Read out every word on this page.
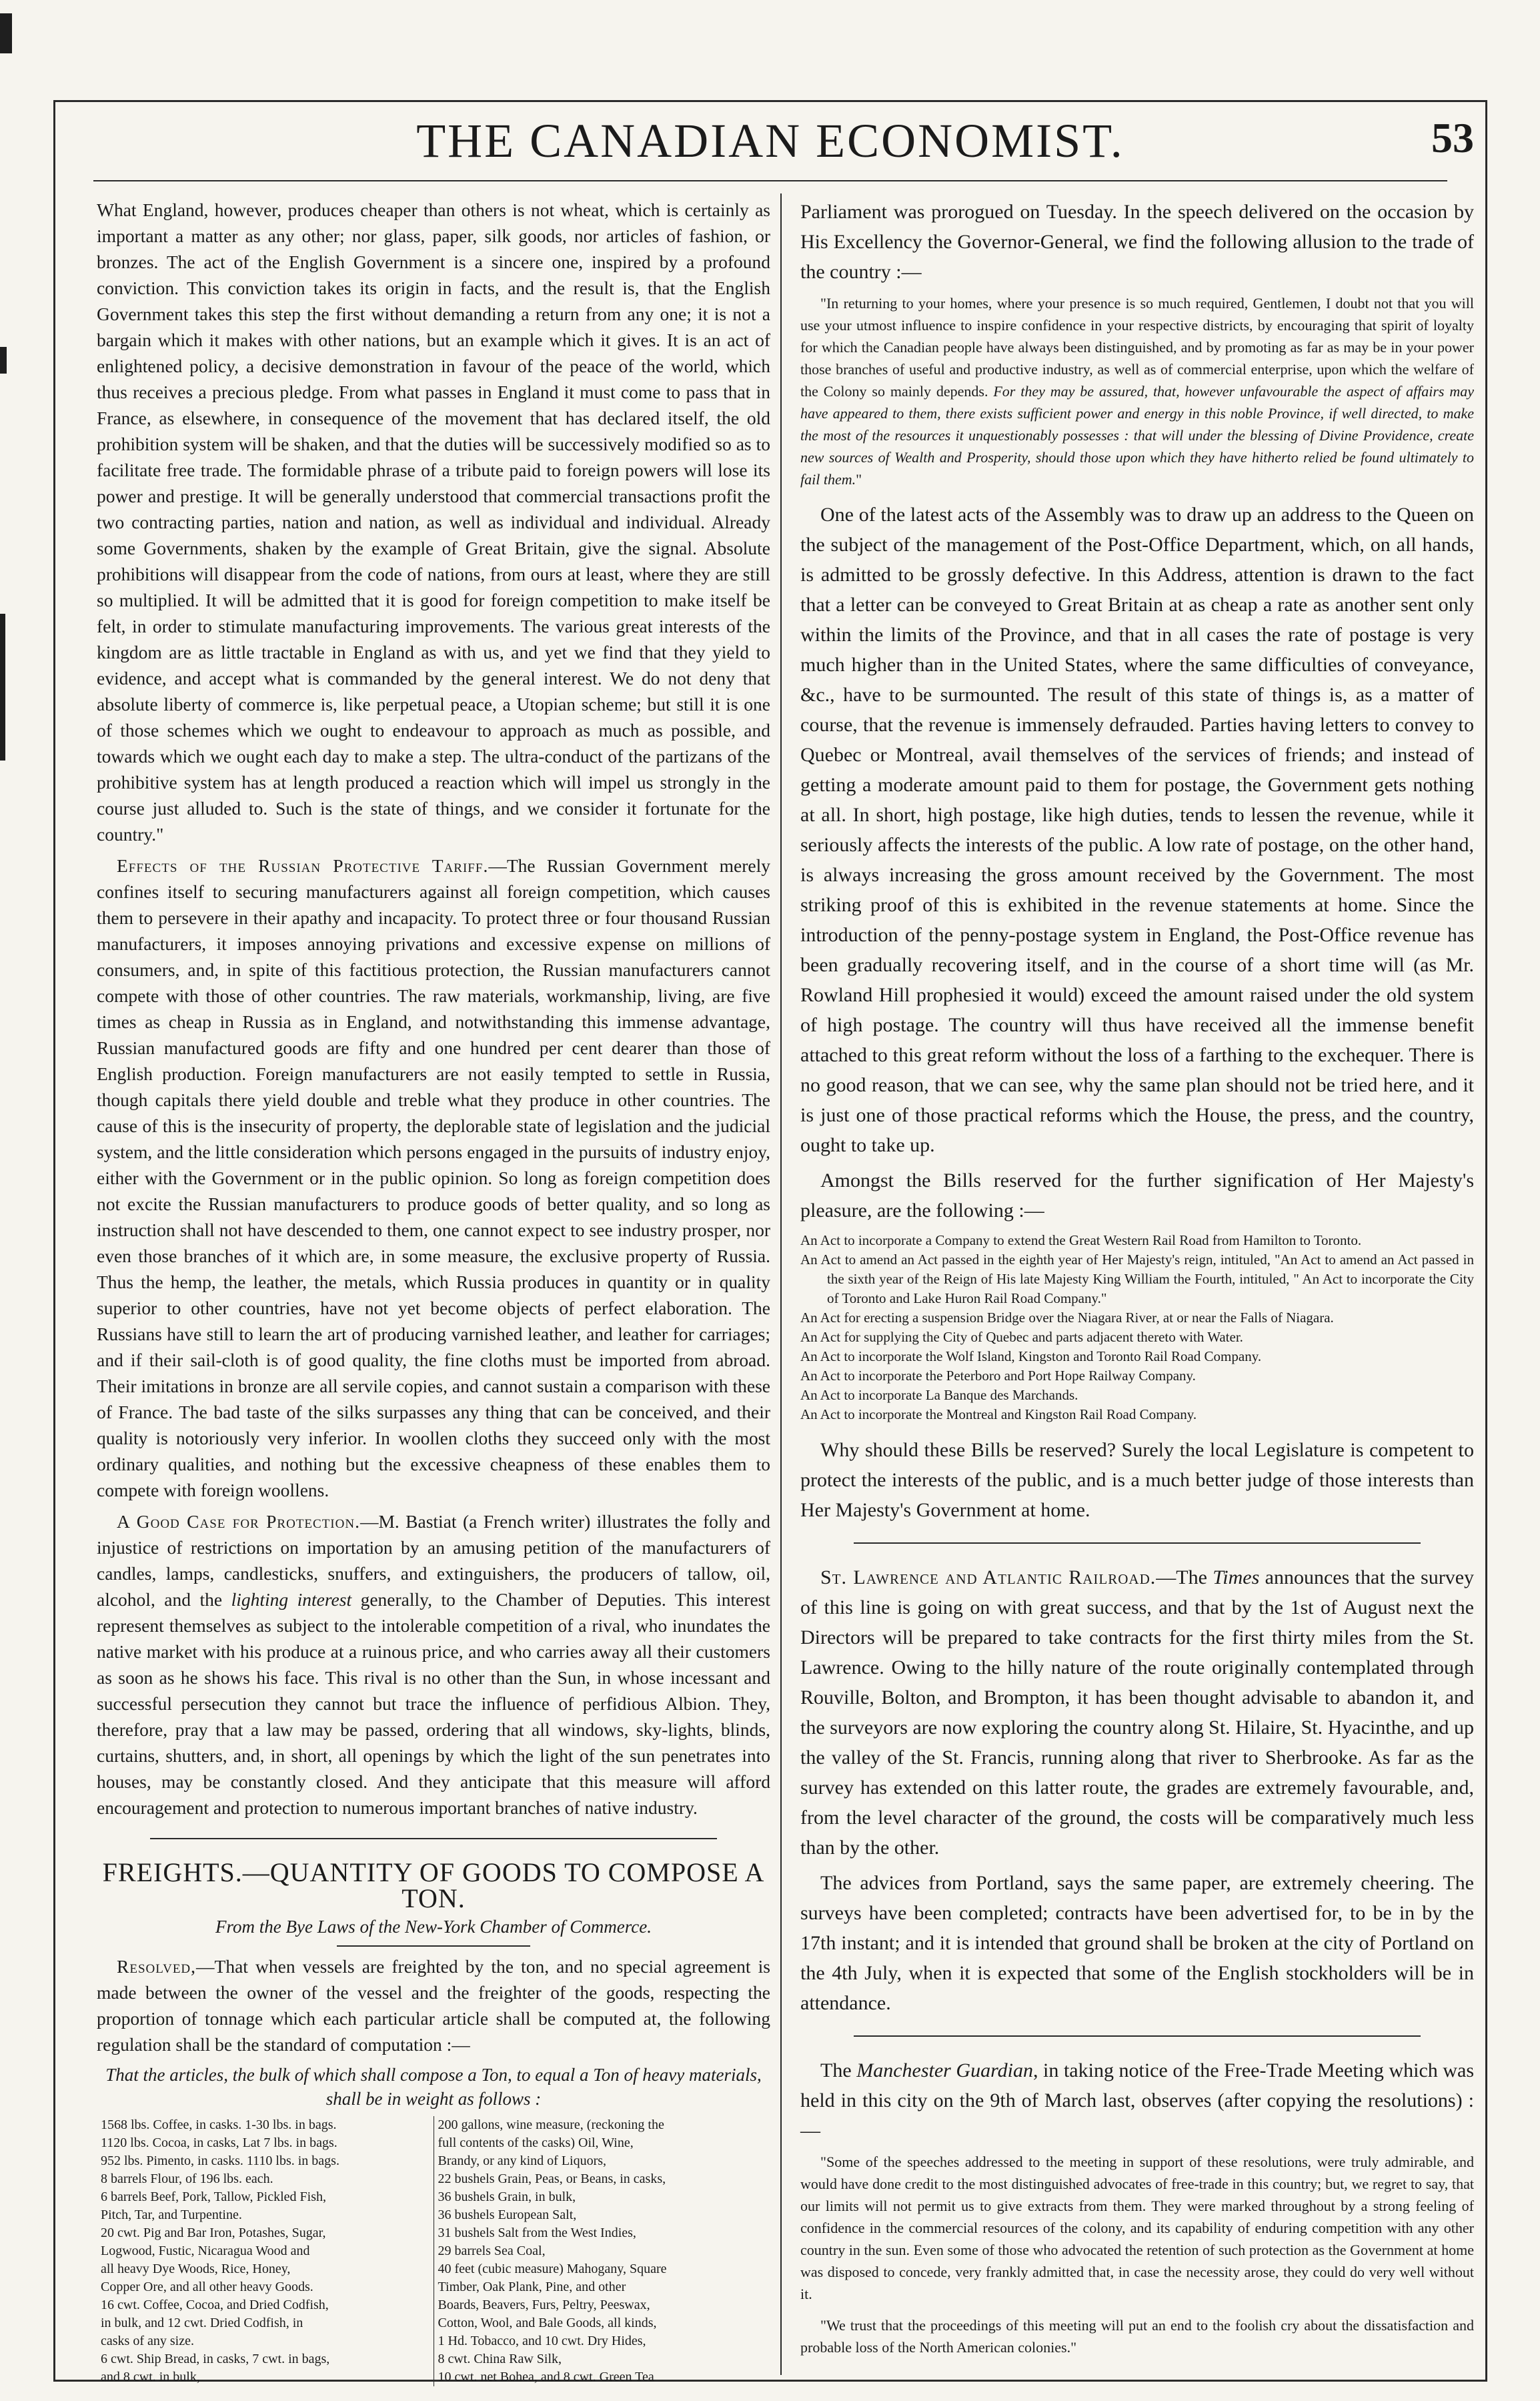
THE CANADIAN ECONOMIST.	53

What England, however, produces cheaper than others is not wheat, which is certainly as important a matter as any other; nor glass, paper, silk goods, nor articles of fashion, or bronzes. The act of the English Government is a sincere one, inspired by a profound conviction. This conviction takes its origin in facts, and the result is, that the English Government takes this step the first without demanding a return from any one; it is not a bargain which it makes with other nations, but an example which it gives. It is an act of enlightened policy, a decisive demonstration in favour of the peace of the world, which thus receives a precious pledge. From what passes in England it must come to pass that in France, as elsewhere, in consequence of the movement that has declared itself, the old prohibition system will be shaken, and that the duties will be successively modified so as to facilitate free trade. The formidable phrase of a tribute paid to foreign powers will lose its power and prestige. It will be generally understood that commercial transactions profit the two contracting parties, nation and nation, as well as individual and individual. Already some Governments, shaken by the example of Great Britain, give the signal. Absolute prohibitions will disappear from the code of nations, from ours at least, where they are still so multiplied. It will be admitted that it is good for foreign competition to make itself be felt, in order to stimulate manufacturing improvements. The various great interests of the kingdom are as little tractable in England as with us, and yet we find that they yield to evidence, and accept what is commanded by the general interest. We do not deny that absolute liberty of commerce is, like perpetual peace, a Utopian scheme; but still it is one of those schemes which we ought to endeavour to approach as much as possible, and towards which we ought each day to make a step. The ultra-conduct of the partizans of the prohibitive system has at length produced a reaction which will impel us strongly in the course just alluded to. Such is the state of things, and we consider it fortunate for the country."

Effects of the Russian Protective Tariff.—The Russian Government merely confines itself to securing manufacturers against all foreign competition, which causes them to persevere in their apathy and incapacity. To protect three or four thousand Russian manufacturers, it imposes annoying privations and excessive expense on millions of consumers, and, in spite of this factitious protection, the Russian manufacturers cannot compete with those of other countries. The raw materials, workmanship, living, are five times as cheap in Russia as in England, and notwithstanding this immense advantage, Russian manufactured goods are fifty and one hundred per cent dearer than those of English production. Foreign manufacturers are not easily tempted to settle in Russia, though capitals there yield double and treble what they produce in other countries. The cause of this is the insecurity of property, the deplorable state of legislation and the judicial system, and the little consideration which persons engaged in the pursuits of industry enjoy, either with the Government or in the public opinion. So long as foreign competition does not excite the Russian manufacturers to produce goods of better quality, and so long as instruction shall not have descended to them, one cannot expect to see industry prosper, nor even those branches of it which are, in some measure, the exclusive property of Russia. Thus the hemp, the leather, the metals, which Russia produces in quantity or in quality superior to other countries, have not yet become objects of perfect elaboration. The Russians have still to learn the art of producing varnished leather, and leather for carriages; and if their sail-cloth is of good quality, the fine cloths must be imported from abroad. Their imitations in bronze are all servile copies, and cannot sustain a comparison with these of France. The bad taste of the silks surpasses any thing that can be conceived, and their quality is notoriously very inferior. In woollen cloths they succeed only with the most ordinary qualities, and nothing but the excessive cheapness of these enables them to compete with foreign woollens.

A Good Case for Protection.—M. Bastiat (a French writer) illustrates the folly and injustice of restrictions on importation by an amusing petition of the manufacturers of candles, lamps, candlesticks, snuffers, and extinguishers, the producers of tallow, oil, alcohol, and the lighting interest generally, to the Chamber of Deputies. This interest represent themselves as subject to the intolerable competition of a rival, who inundates the native market with his produce at a ruinous price, and who carries away all their customers as soon as he shows his face. This rival is no other than the Sun, in whose incessant and successful persecution they cannot but trace the influence of perfidious Albion. They, therefore, pray that a law may be passed, ordering that all windows, sky-lights, blinds, curtains, shutters, and, in short, all openings by which the light of the sun penetrates into houses, may be constantly closed. And they anticipate that this measure will afford encouragement and protection to numerous important branches of native industry.

FREIGHTS.—QUANTITY OF GOODS TO COMPOSE A TON.
From the Bye Laws of the New-York Chamber of Commerce.

Resolved,—That when vessels are freighted by the ton, and no special agreement is made between the owner of the vessel and the freighter of the goods, respecting the proportion of tonnage which each particular article shall be computed at, the following regulation shall be the standard of computation :—

That the articles, the bulk of which shall compose a Ton, to equal a Ton of heavy materials, shall be in weight as follows :
1568 lbs. Coffee, in casks. 1-30 lbs. in bags.
1120 lbs. Cocoa, in casks, Lat 7 lbs. in bags.
952 lbs. Pimento, in casks. 1110 lbs. in bags.
8 barrels Flour, of 196 lbs. each.
6 barrels Beef, Pork, Tallow, Pickled Fish,
Pitch, Tar, and Turpentine.
20 cwt. Pig and Bar Iron, Potashes, Sugar,
Logwood, Fustic, Nicaragua Wood and
all heavy Dye Woods, Rice, Honey,
Copper Ore, and all other heavy Goods.
16 cwt. Coffee, Cocoa, and Dried Codfish,
in bulk, and 12 cwt. Dried Codfish, in
casks of any size.
6 cwt. Ship Bread, in casks, 7 cwt. in bags,
and 8 cwt. in bulk,

200 gallons, wine measure, (reckoning the
full contents of the casks) Oil, Wine,
Brandy, or any kind of Liquors,
22 bushels Grain, Peas, or Beans, in casks,
36 bushels Grain, in bulk,
36 bushels European Salt,
31 bushels Salt from the West Indies,
29 barrels Sea Coal,
40 feet (cubic measure) Mahogany, Square
Timber, Oak Plank, Pine, and other
Boards, Beavers, Furs, Peltry, Peeswax,
Cotton, Wool, and Bale Goods, all kinds,
1 Hd. Tobacco, and 10 cwt. Dry Hides,
8 cwt. China Raw Silk,
10 cwt. net Bohea, and 8 cwt. Green Tea

Parliament was prorogued on Tuesday. In the speech delivered on the occasion by His Excellency the Governor-General, we find the following allusion to the trade of the country :—

"In returning to your homes, where your presence is so much required, Gentlemen, I doubt not that you will use your utmost influence to inspire confidence in your respective districts, by encouraging that spirit of loyalty for which the Canadian people have always been distinguished, and by promoting as far as may be in your power those branches of useful and productive industry, as well as of commercial enterprise, upon which the welfare of the Colony so mainly depends. For they may be assured, that, however unfavourable the aspect of affairs may have appeared to them, there exists sufficient power and energy in this noble Province, if well directed, to make the most of the resources it unquestionably possesses : that will under the blessing of Divine Providence, create new sources of Wealth and Prosperity, should those upon which they have hitherto relied be found ultimately to fail them."

One of the latest acts of the Assembly was to draw up an address to the Queen on the subject of the management of the Post-Office Department, which, on all hands, is admitted to be grossly defective. In this Address, attention is drawn to the fact that a letter can be conveyed to Great Britain at as cheap a rate as another sent only within the limits of the Province, and that in all cases the rate of postage is very much higher than in the United States, where the same difficulties of conveyance, &c., have to be surmounted. The result of this state of things is, as a matter of course, that the revenue is immensely defrauded. Parties having letters to convey to Quebec or Montreal, avail themselves of the services of friends; and instead of getting a moderate amount paid to them for postage, the Government gets nothing at all. In short, high postage, like high duties, tends to lessen the revenue, while it seriously affects the interests of the public. A low rate of postage, on the other hand, is always increasing the gross amount received by the Government. The most striking proof of this is exhibited in the revenue statements at home. Since the introduction of the penny-postage system in England, the Post-Office revenue has been gradually recovering itself, and in the course of a short time will (as Mr. Rowland Hill prophesied it would) exceed the amount raised under the old system of high postage. The country will thus have received all the immense benefit attached to this great reform without the loss of a farthing to the exchequer. There is no good reason, that we can see, why the same plan should not be tried here, and it is just one of those practical reforms which the House, the press, and the country, ought to take up.

Amongst the Bills reserved for the further signification of Her Majesty's pleasure, are the following :—

An Act to incorporate a Company to extend the Great Western Rail Road from Hamilton to Toronto.
An Act to amend an Act passed in the eighth year of Her Majesty's reign, intituled, "An Act to amend an Act passed in the sixth year of the Reign of His late Majesty King William the Fourth, intituled, " An Act to incorporate the City of Toronto and Lake Huron Rail Road Company."
An Act for erecting a suspension Bridge over the Niagara River, at or near the Falls of Niagara.
An Act for supplying the City of Quebec and parts adjacent thereto with Water.
An Act to incorporate the Wolf Island, Kingston and Toronto Rail Road Company.
An Act to incorporate the Peterboro and Port Hope Railway Company.
An Act to incorporate La Banque des Marchands.
An Act to incorporate the Montreal and Kingston Rail Road Company.

Why should these Bills be reserved? Surely the local Legislature is competent to protect the interests of the public, and is a much better judge of those interests than Her Majesty's Government at home.

St. Lawrence and Atlantic Railroad.—The Times announces that the survey of this line is going on with great success, and that by the 1st of August next the Directors will be prepared to take contracts for the first thirty miles from the St. Lawrence. Owing to the hilly nature of the route originally contemplated through Rouville, Bolton, and Brompton, it has been thought advisable to abandon it, and the surveyors are now exploring the country along St. Hilaire, St. Hyacinthe, and up the valley of the St. Francis, running along that river to Sherbrooke. As far as the survey has extended on this latter route, the grades are extremely favourable, and, from the level character of the ground, the costs will be comparatively much less than by the other.

The advices from Portland, says the same paper, are extremely cheering. The surveys have been completed; contracts have been advertised for, to be in by the 17th instant; and it is intended that ground shall be broken at the city of Portland on the 4th July, when it is expected that some of the English stockholders will be in attendance.

The Manchester Guardian, in taking notice of the Free-Trade Meeting which was held in this city on the 9th of March last, observes (after copying the resolutions) :—

"Some of the speeches addressed to the meeting in support of these resolutions, were truly admirable, and would have done credit to the most distinguished advocates of free-trade in this country; but, we regret to say, that our limits will not permit us to give extracts from them. They were marked throughout by a strong feeling of confidence in the commercial resources of the colony, and its capability of enduring competition with any other country in the sun. Even some of those who advocated the retention of such protection as the Government at home was disposed to concede, very frankly admitted that, in case the necessity arose, they could do very well without it.
"We trust that the proceedings of this meeting will put an end to the foolish cry about the dissatisfaction and probable loss of the North American colonies."
